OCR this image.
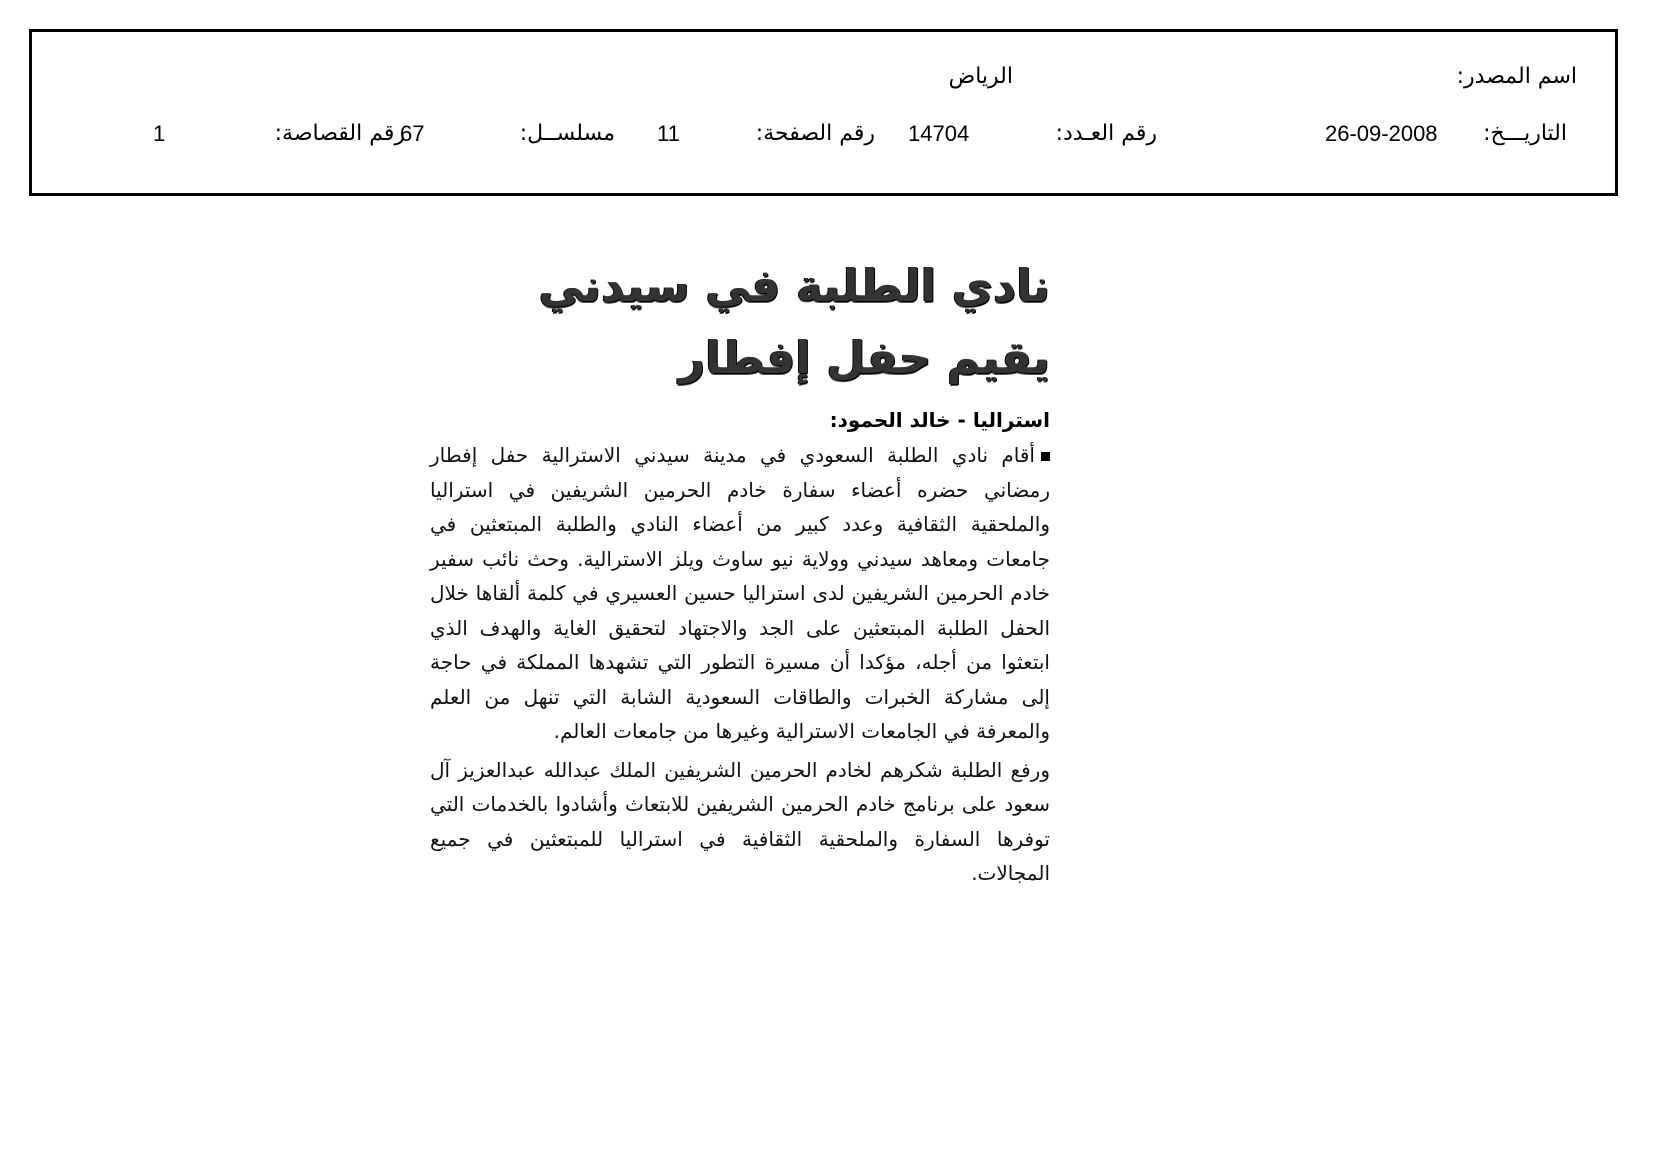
اسم المصدر:
الرياض
التاريـــخ:
26-09-2008
رقم العـدد:
14704
رقم الصفحة:
11
مسلســل:
67
رقم القصاصة:
1
نادي الطلبة في سيدني يقيم حفل إفطار

استراليا - خالد الحمود:

أقام نادي الطلبة السعودي في مدينة سيدني الاسترالية حفل إفطار رمضاني حضره أعضاء سفارة خادم الحرمين الشريفين في استراليا والملحقية الثقافية وعدد كبير من أعضاء النادي والطلبة المبتعثين في جامعات ومعاهد سيدني وولاية نيو ساوث ويلز الاسترالية. وحث نائب سفير خادم الحرمين الشريفين لدى استراليا حسين العسيري في كلمة ألقاها خلال الحفل الطلبة المبتعثين على الجد والاجتهاد لتحقيق الغاية والهدف الذي ابتعثوا من أجله، مؤكدا أن مسيرة التطور التي تشهدها المملكة في حاجة إلى مشاركة الخبرات والطاقات السعودية الشابة التي تنهل من العلم والمعرفة في الجامعات الاسترالية وغيرها من جامعات العالم.

ورفع الطلبة شكرهم لخادم الحرمين الشريفين الملك عبدالله عبدالعزيز آل سعود على برنامج خادم الحرمين الشريفين للابتعاث وأشادوا بالخدمات التي توفرها السفارة والملحقية الثقافية في استراليا للمبتعثين في جميع المجالات.
